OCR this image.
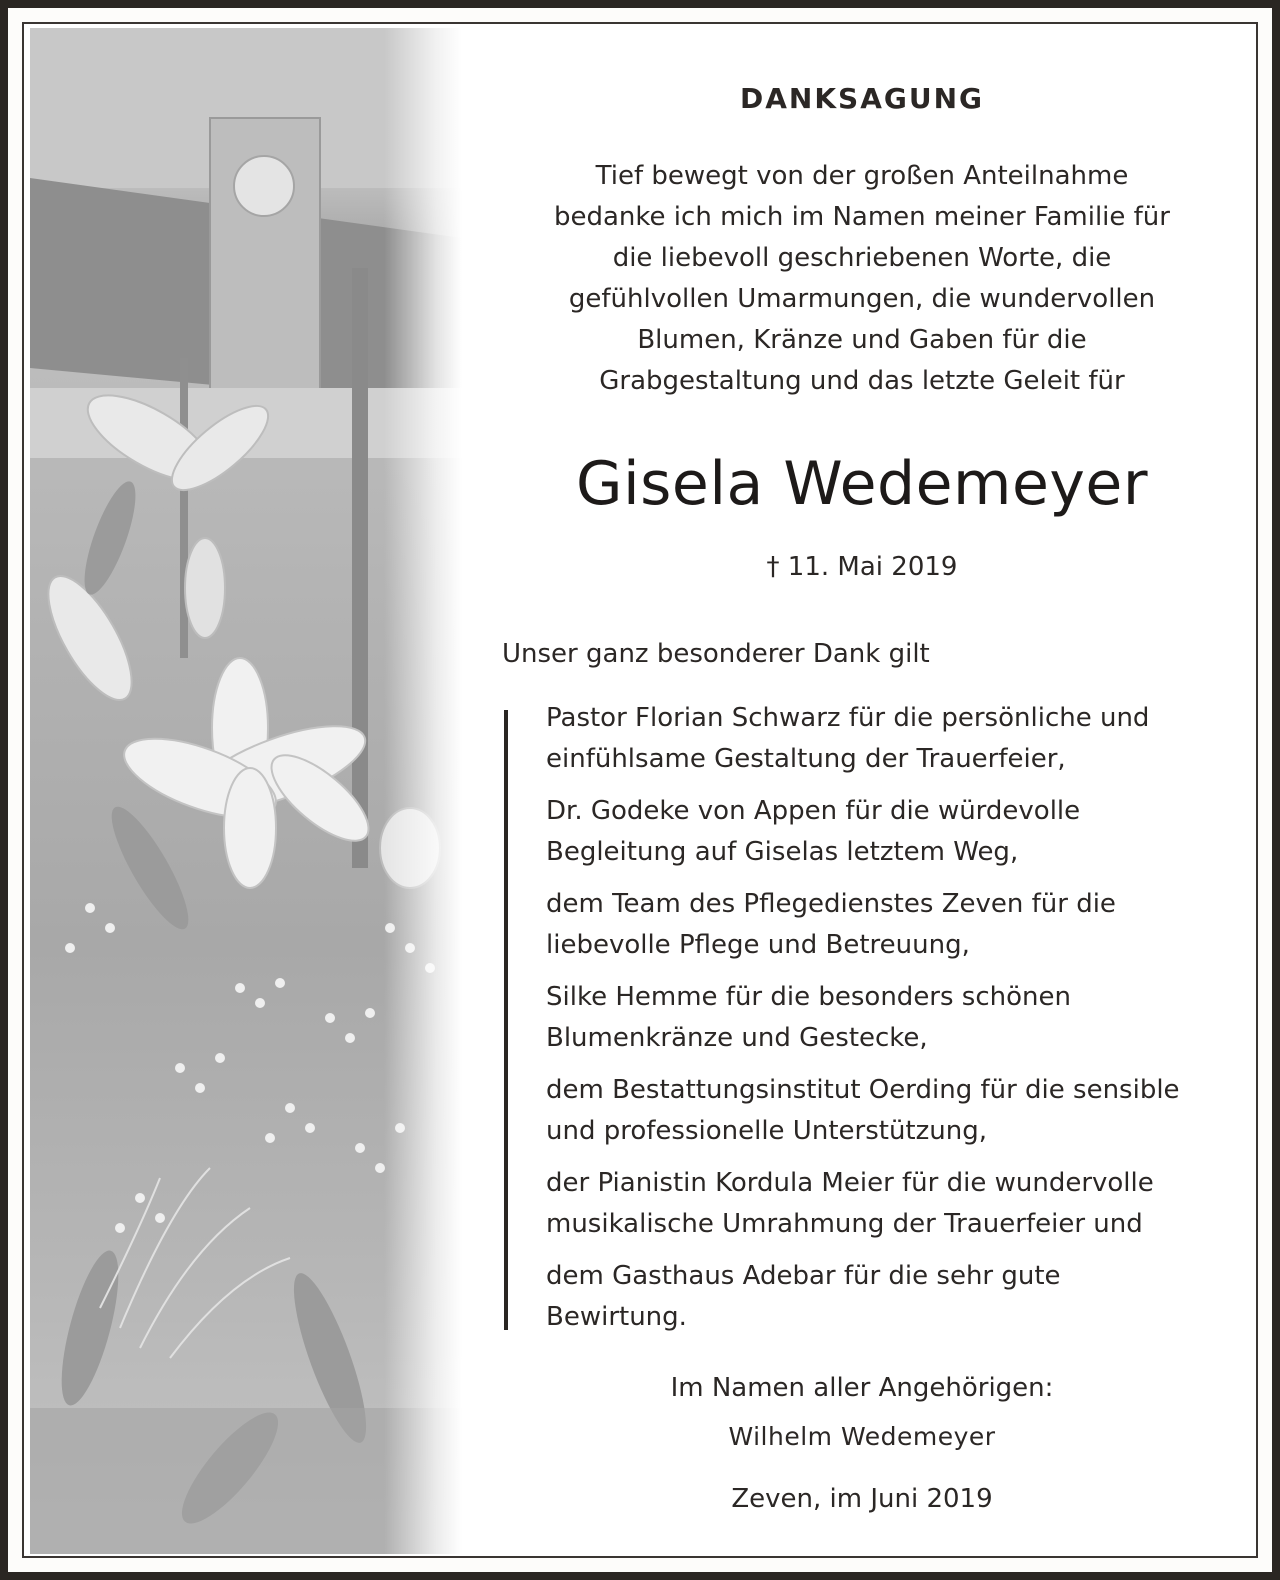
DANKSAGUNG
Tief bewegt von der großen Anteilnahme
bedanke ich mich im Namen meiner Familie für
die liebevoll geschriebenen Worte, die
gefühlvollen Umarmungen, die wundervollen
Blumen, Kränze und Gaben für die
Grabgestaltung und das letzte Geleit für
Gisela Wedemeyer
† 11. Mai 2019
Unser ganz besonderer Dank gilt
Pastor Florian Schwarz für die persönliche und
einfühlsame Gestaltung der Trauerfeier,
Dr. Godeke von Appen für die würdevolle
Begleitung auf Giselas letztem Weg,
dem Team des Pflegedienstes Zeven für die
liebevolle Pflege und Betreuung,
Silke Hemme für die besonders schönen
Blumenkränze und Gestecke,
dem Bestattungsinstitut Oerding für die sensible
und professionelle Unterstützung,
der Pianistin Kordula Meier für die wundervolle
musikalische Umrahmung der Trauerfeier und
dem Gasthaus Adebar für die sehr gute
Bewirtung.
Im Namen aller Angehörigen:
Wilhelm Wedemeyer
Zeven, im Juni 2019
